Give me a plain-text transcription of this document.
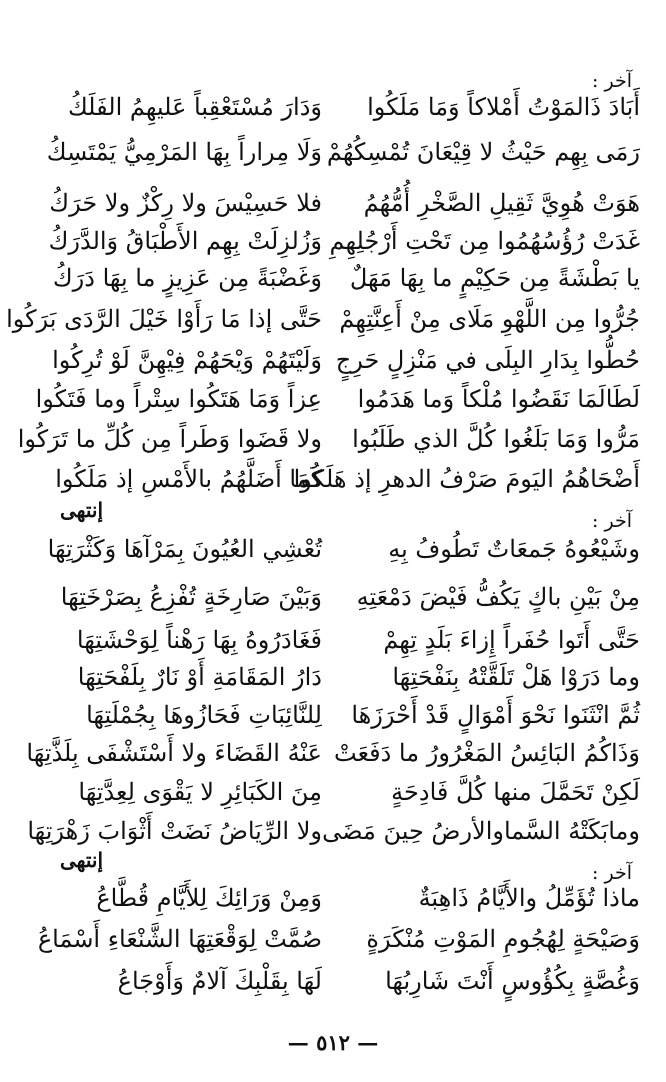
آخر :
أَبَادَ ذَالمَوْتُ أَمْلاكاً وَمَا مَلَكُوا
وَدَارَ مُسْتَعْقِباً عَليهِمُ الفَلَكُ
رَمَى بِهِم حَيْثُ لا قِيْعَانَ تُمْسِكُهُمْ
وَلَا مِراراً بِهَا المَرْمِيُّ يَمْتَسِكُ
هَوَتْ هُوِيَّ ثَقِيلِ الصَّخْرِ أُمُّهُمُ
فلا حَسِيْسَ ولا رِكْزٌ ولا حَرَكُ
غَدَتْ رُؤُسُهُمُوا مِن تَحْتِ أَرْجُلِهِمِ
وَزُلزِلَتْ بِهِم الأَطْبَاقُ وَالدَّرَكُ
يا بَطْشَةً مِن حَكِيْمٍ ما بِهَا مَهَلٌ
وَغَضْبَةً مِن عَزِيزٍ ما بِهَا دَرَكُ
جُرُّوا مِن اللَّهْوِ مَلَاى مِنْ أَعِنَّتِهِمْ
حَتَّى إذا مَا رَأَوْا خَيْلَ الرَّدَى بَرَكُوا
حُطُّوا بِدَارِ البِلَى في مَنْزِلٍ حَرِجٍ
وَلَيْتَهُمْ وَيْحَهُمْ فِيْهِنَّ لَوْ تُرِكُوا
لَطَالَمَا نَقَضُوا مُلْكاً وَما هَدَمُوا
عِزاً وَمَا هَتَكُوا سِتْراً وما فَتَكُوا
مَرُّوا وَمَا بَلَغُوا كُلَّ الذي طَلَبُوا
ولا قَضَوا وَطَراً مِن كُلِّ ما تَرَكُوا
أَضْحَاهُمُ اليَومَ صَرْفُ الدهرِ إذ هَلَكُوا
كَمَا أَضَلَّهُمُ بالأَمْسِ إذ مَلَكُوا
إنتهى	آخر :
وشَيْعُوهُ جَمعَاتٌ تَطُوفُ بِهِ
تُعْشِي العُيُونَ بِمَرْآهَا وَكَثْرَتِهَا
مِنْ بَيْنِ باكٍ يَكُفُّ فَيْضَ دَمْعَتِهِ
وَبَيْنَ صَارِخَةٍ تُفْزِعُ بِصَرْخَتِهَا
حَتَّى أَتَوا حُفَراً إِزاءَ بَلَدٍ تِهِمْ
فَغَادَرُوهُ بِهَا رَهْناً لِوَحْشَتِهَا
وما دَرَوْا هَلْ تَلَقَّتْهُ بِنَفْحَتِهَا
دَارُ المَقَامَةِ أَوْ نَارٌ بِلَفْحَتِهَا
ثُمَّ انْثَنَوا نَحْوَ أَمْوَالٍ قَدْ أَحْرَزَهَا
لِلنَّائِبَاتِ فَحَازُوهَا بِجُمْلَتِهَا
وَذَاكُمُ البَائِسُ المَغْرُورُ ما دَفَعَتْ
عَنْهُ القَضَاءَ ولا أَسْتَشْفَى بِلَذَّتِهَا
لَكِنْ تَحَمَّلَ منها كُلَّ فَادِحَةٍ
مِنَ الكَبَائِرِ لا يَقْوَى لِعِدَّتِهَا
ومابَكَتْهُ السَّماوالأرضُ حِينَ مَضَى
ولا الرِّيَاضُ نَضَتْ أَثْوَابَ زَهْرَتِهَا
إنتهى
آخر :
ماذا تُؤَمِّلُ والأَيَّامُ ذَاهِبَةٌ
وَمِنْ وَرَائِكَ لِلأَيَّامِ قُطَّاعُ
وَصَيْحَةٍ لِهُجُومِ المَوْتِ مُنْكَرَةٍ
صُمَّتْ لِوَقْعَتِهَا الشَّنْعَاءِ أَسْمَاعُ
وَغُصَّةٍ بِكُؤُوسٍ أَنْتَ شَارِبُهَا
لَهَا بِقَلْبِكَ آلامٌ وَأَوْجَاعُ
— ٥١٢ —
